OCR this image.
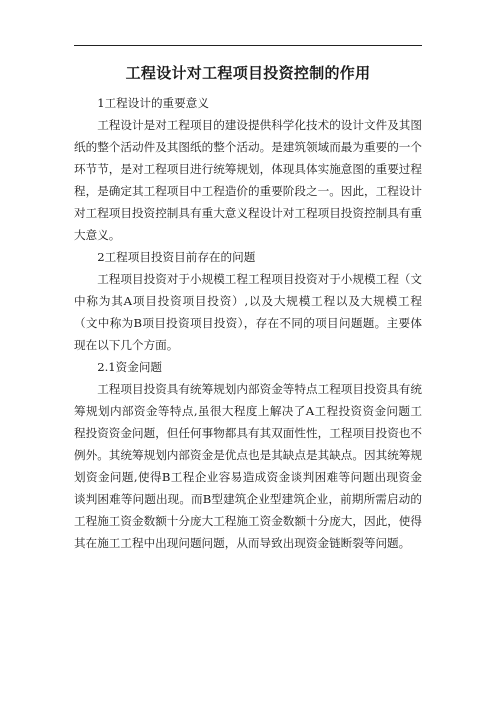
工程设计对工程项目投资控制的作用

1工程设计的重要意义

工程设计是对工程项目的建设提供科学化技术的设计文件及其图纸的整个活动件及其图纸的整个活动。是建筑领域而最为重要的一个环节节，是对工程项目进行统筹规划，体现具体实施意图的重要过程程，是确定其工程项目中工程造价的重要阶段之一。因此，工程设计对工程项目投资控制具有重大意义程设计对工程项目投资控制具有重大意义。

2工程项目投资目前存在的问题

工程项目投资对于小规模工程工程项目投资对于小规模工程（文中称为其A项目投资项目投资）,以及大规模工程以及大规模工程（文中称为B项目投资项目投资），存在不同的项目问题题。主要体现在以下几个方面。

2.1资金问题

工程项目投资具有统筹规划内部资金等特点工程项目投资具有统筹规划内部资金等特点,虽很大程度上解决了A工程投资资金问题工程投资资金问题，但任何事物都具有其双面性性，工程项目投资也不例外。其统筹规划内部资金是优点也是其缺点是其缺点。因其统筹规划资金问题,使得B工程企业容易造成资金谈判困难等问题出现资金谈判困难等问题出现。而B型建筑企业型建筑企业，前期所需启动的工程施工资金数额十分庞大工程施工资金数额十分庞大，因此，使得其在施工工程中出现问题问题，从而导致出现资金链断裂等问题。
